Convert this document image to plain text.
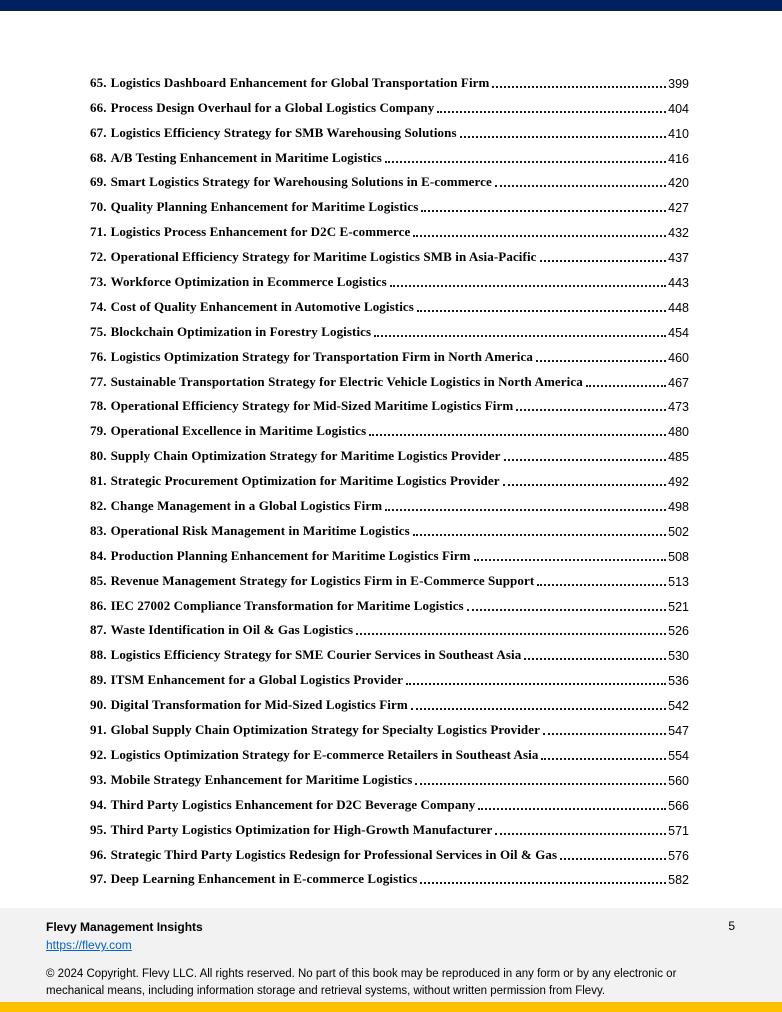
65. Logistics Dashboard Enhancement for Global Transportation Firm	399
66. Process Design Overhaul for a Global Logistics Company	404
67. Logistics Efficiency Strategy for SMB Warehousing Solutions	410
68. A/B Testing Enhancement in Maritime Logistics	416
69. Smart Logistics Strategy for Warehousing Solutions in E-commerce	420
70. Quality Planning Enhancement for Maritime Logistics	427
71. Logistics Process Enhancement for D2C E-commerce	432
72. Operational Efficiency Strategy for Maritime Logistics SMB in Asia-Pacific	437
73. Workforce Optimization in Ecommerce Logistics	443
74. Cost of Quality Enhancement in Automotive Logistics	448
75. Blockchain Optimization in Forestry Logistics	454
76. Logistics Optimization Strategy for Transportation Firm in North America	460
77. Sustainable Transportation Strategy for Electric Vehicle Logistics in North America	467
78. Operational Efficiency Strategy for Mid-Sized Maritime Logistics Firm	473
79. Operational Excellence in Maritime Logistics	480
80. Supply Chain Optimization Strategy for Maritime Logistics Provider	485
81. Strategic Procurement Optimization for Maritime Logistics Provider	492
82. Change Management in a Global Logistics Firm	498
83. Operational Risk Management in Maritime Logistics	502
84. Production Planning Enhancement for Maritime Logistics Firm	508
85. Revenue Management Strategy for Logistics Firm in E-Commerce Support	513
86. IEC 27002 Compliance Transformation for Maritime Logistics	521
87. Waste Identification in Oil & Gas Logistics	526
88. Logistics Efficiency Strategy for SME Courier Services in Southeast Asia	530
89. ITSM Enhancement for a Global Logistics Provider	536
90. Digital Transformation for Mid-Sized Logistics Firm	542
91. Global Supply Chain Optimization Strategy for Specialty Logistics Provider	547
92. Logistics Optimization Strategy for E-commerce Retailers in Southeast Asia	554
93. Mobile Strategy Enhancement for Maritime Logistics	560
94. Third Party Logistics Enhancement for D2C Beverage Company	566
95. Third Party Logistics Optimization for High-Growth Manufacturer	571
96. Strategic Third Party Logistics Redesign for Professional Services in Oil & Gas	576
97. Deep Learning Enhancement in E-commerce Logistics	582
Flevy Management Insights
https://flevy.com
5

© 2024 Copyright. Flevy LLC. All rights reserved. No part of this book may be reproduced in any form or by any electronic or mechanical means, including information storage and retrieval systems, without written permission from Flevy.
